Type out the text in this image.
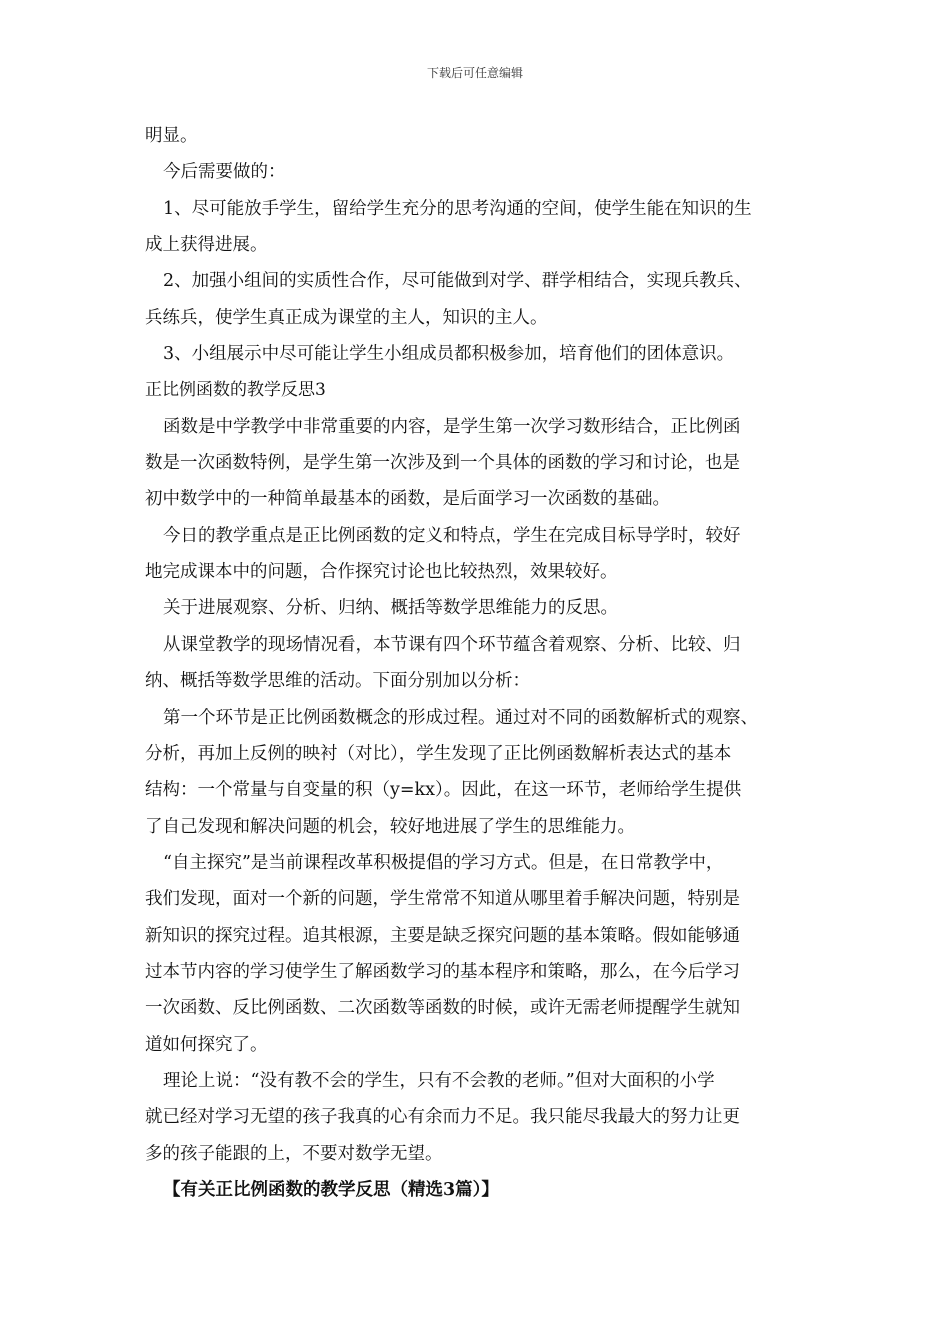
下载后可任意编辑
明显。
今后需要做的：
1、尽可能放手学生，留给学生充分的思考沟通的空间，使学生能在知识的生
成上获得进展。
2、加强小组间的实质性合作，尽可能做到对学、群学相结合，实现兵教兵、
兵练兵，使学生真正成为课堂的主人，知识的主人。
3、小组展示中尽可能让学生小组成员都积极参加，培育他们的团体意识。
正比例函数的教学反思3
函数是中学教学中非常重要的内容，是学生第一次学习数形结合，正比例函
数是一次函数特例，是学生第一次涉及到一个具体的函数的学习和讨论，也是
初中数学中的一种简单最基本的函数，是后面学习一次函数的基础。
今日的教学重点是正比例函数的定义和特点，学生在完成目标导学时，较好
地完成课本中的问题，合作探究讨论也比较热烈，效果较好。
关于进展观察、分析、归纳、概括等数学思维能力的反思。
从课堂教学的现场情况看，本节课有四个环节蕴含着观察、分析、比较、归
纳、概括等数学思维的活动。下面分别加以分析：
第一个环节是正比例函数概念的形成过程。通过对不同的函数解析式的观察、
分析，再加上反例的映衬（对比），学生发现了正比例函数解析表达式的基本
结构：一个常量与自变量的积（y=kx）。因此，在这一环节，老师给学生提供
了自己发现和解决问题的机会，较好地进展了学生的思维能力。
“自主探究”是当前课程改革积极提倡的学习方式。但是，在日常教学中，
我们发现，面对一个新的问题，学生常常不知道从哪里着手解决问题，特别是
新知识的探究过程。追其根源，主要是缺乏探究问题的基本策略。假如能够通
过本节内容的学习使学生了解函数学习的基本程序和策略，那么，在今后学习
一次函数、反比例函数、二次函数等函数的时候，或许无需老师提醒学生就知
道如何探究了。
理论上说：“没有教不会的学生，只有不会教的老师。”但对大面积的小学
就已经对学习无望的孩子我真的心有余而力不足。我只能尽我最大的努力让更
多的孩子能跟的上，不要对数学无望。
【有关正比例函数的教学反思（精选3篇）】
